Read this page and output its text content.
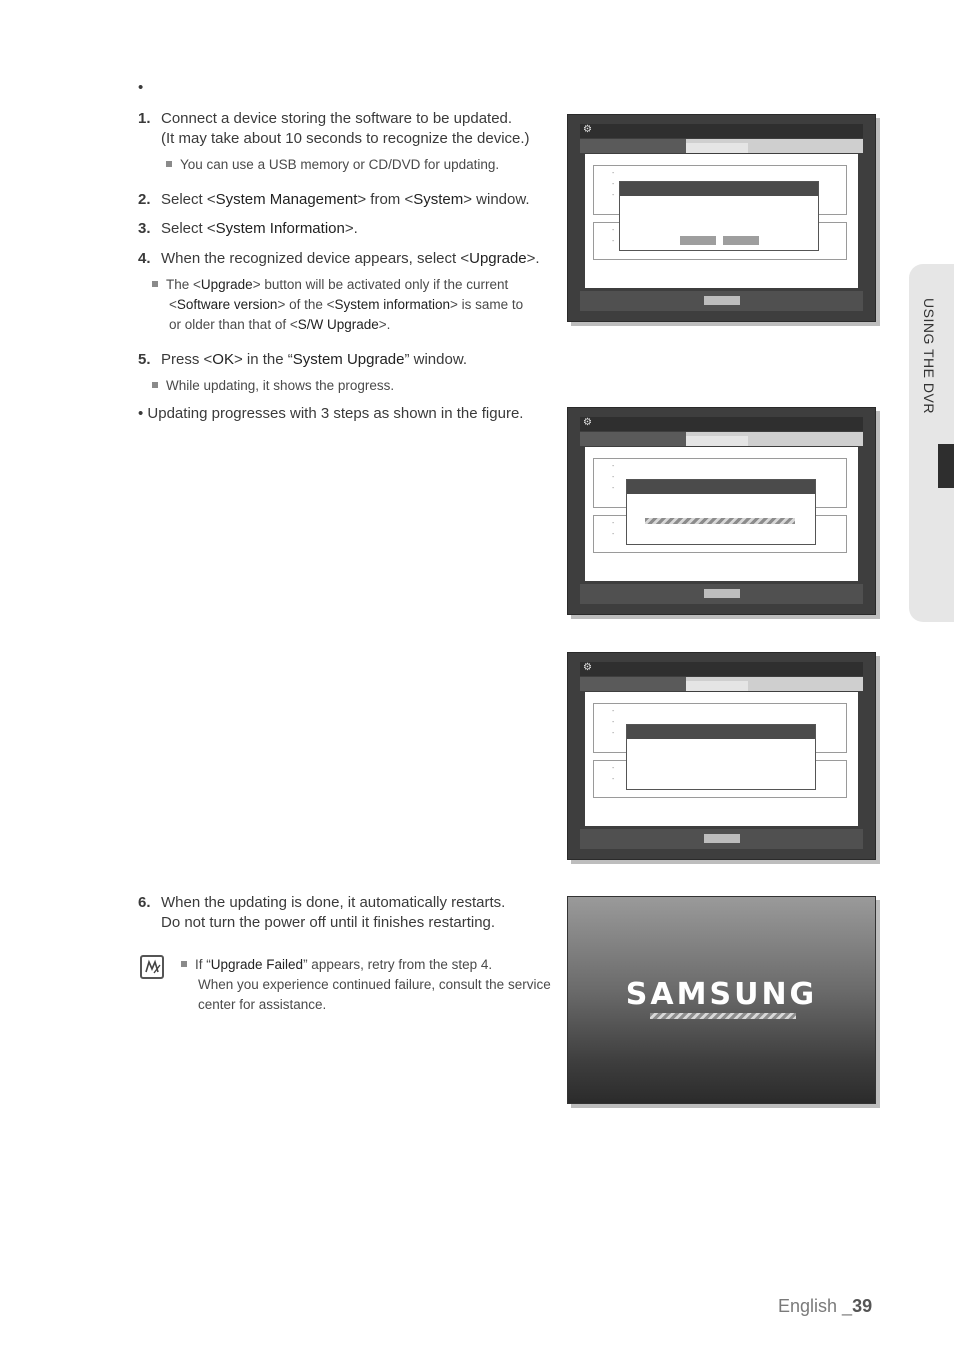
•
1. Connect a device storing the software to be updated.
(It may take about 10 seconds to recognize the device.)
You can use a USB memory or CD/DVD for updating.
2. Select <System Management> from <System> window.
3. Select <System Information>.
4. When the recognized device appears, select <Upgrade>.
The <Upgrade> button will be activated only if the current
<Software version> of the <System information> is same to
or older than that of <S/W Upgrade>.
5. Press <OK> in the “System Upgrade” window.
While updating, it shows the progress.
• Updating progresses with 3 steps as shown in the figure.
6. When the updating is done, it automatically restarts.
Do not turn the power off until it finishes restarting.
If “Upgrade Failed” appears, retry from the step 4.
When you experience continued failure, consult the service
center for assistance.
⚙
-
-
-
-
-
⚙
-
-
-
-
-
⚙
-
-
-
-
-
SAMSUNG
USING THE DVR
English _39
